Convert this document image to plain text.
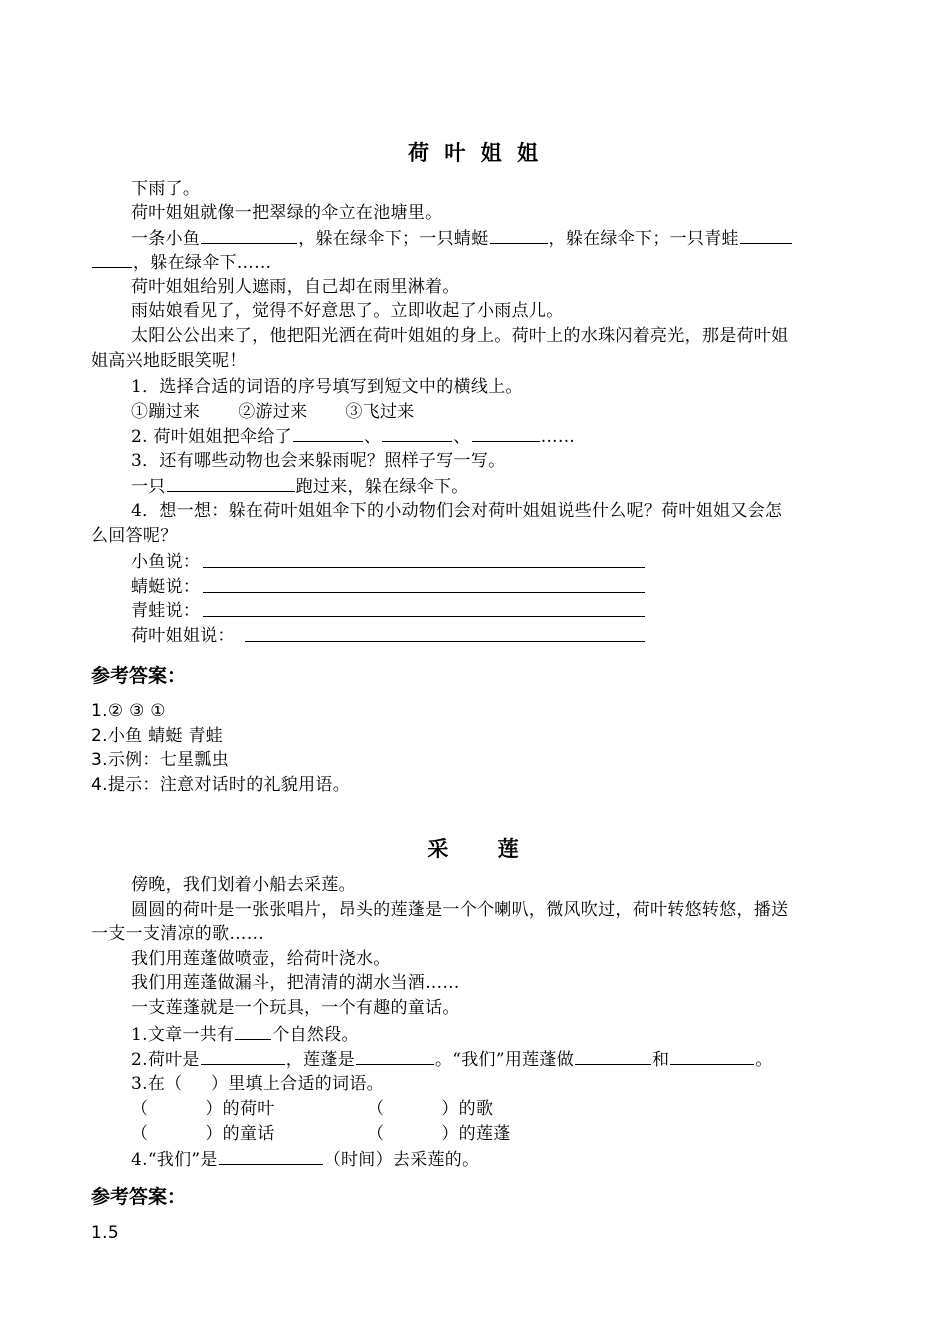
荷 叶 姐 姐
下雨了。
荷叶姐姐就像一把翠绿的伞立在池塘里。
一条小鱼	，躲在绿伞下；一只蜻蜓	，躲在绿伞下；一只青蛙
，躲在绿伞下……
荷叶姐姐给别人遮雨，自己却在雨里淋着。
雨姑娘看见了，觉得不好意思了。立即收起了小雨点儿。
太阳公公出来了，他把阳光洒在荷叶姐姐的身上。荷叶上的水珠闪着亮光，那是荷叶姐
姐高兴地眨眼笑呢！
1．选择合适的词语的序号填写到短文中的横线上。
①蹦过来 ②游过来 ③飞过来
2. 荷叶姐姐把伞给了	、	、	……
3．还有哪些动物也会来躲雨呢？照样子写一写。
一只	跑过来，躲在绿伞下。
4．想一想：躲在荷叶姐姐伞下的小动物们会对荷叶姐姐说些什么呢？荷叶姐姐又会怎
么回答呢？
小鱼说：
蜻蜓说：
青蛙说：
荷叶姐姐说：
参考答案：
1.② ③ ①
2.小鱼 蜻蜓 青蛙
3.示例：七星瓢虫
4.提示：注意对话时的礼貌用语。
采    莲
傍晚，我们划着小船去采莲。
圆圆的荷叶是一张张唱片，昂头的莲蓬是一个个喇叭，微风吹过，荷叶转悠转悠，播送
一支一支清凉的歌……
我们用莲蓬做喷壶，给荷叶浇水。
我们用莲蓬做漏斗，把清清的湖水当酒……
一支莲蓬就是一个玩具，一个有趣的童话。
1.文章一共有 个自然段。
2.荷叶是	，莲蓬是	。“我们”用莲蓬做	和	。
3.在（     ）里填上合适的词语。
（          ）的荷叶	（          ）的歌
（          ）的童话	（          ）的莲蓬
4.“我们”是	（时间）去采莲的。
参考答案：
1.5
